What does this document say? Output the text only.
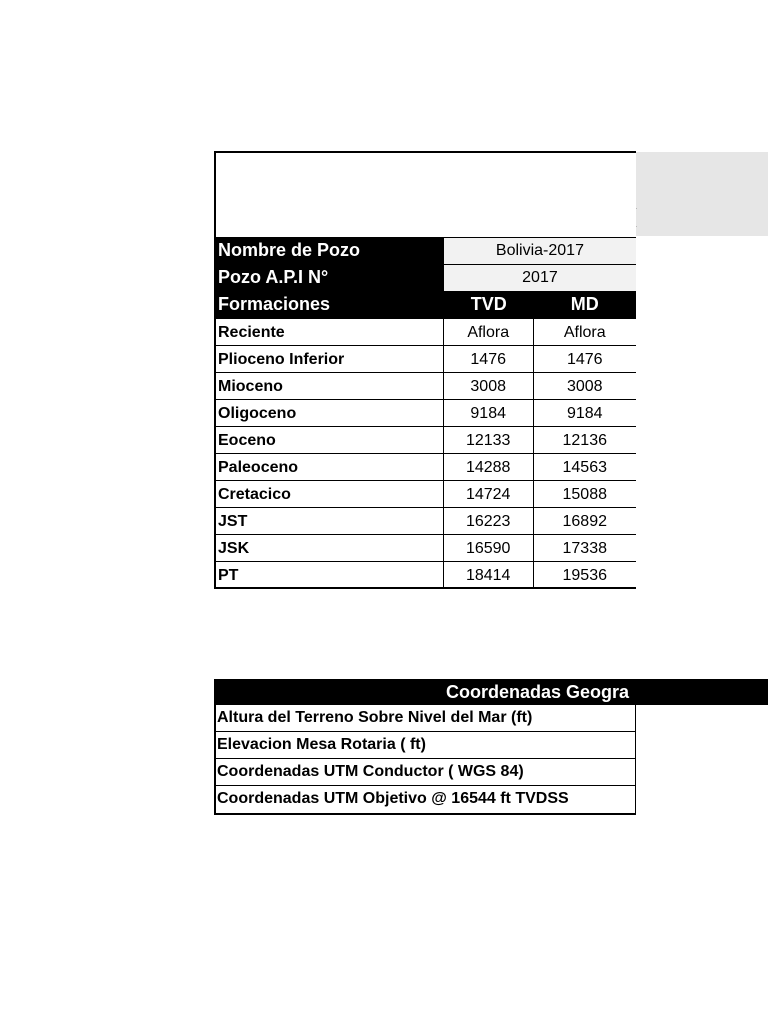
Nombre de Pozo	Bolivia-2017
Pozo A.P.I N°	2017
Formaciones	TVD	MD
Reciente	Aflora	Aflora
Plioceno Inferior	1476	1476
Mioceno	3008	3008
Oligoceno	9184	9184
Eoceno	12133	12136
Paleoceno	14288	14563
Cretacico	14724	15088
JST	16223	16892
JSK	16590	17338
PT	18414	19536
Coordenadas Geogra
Altura del Terreno Sobre Nivel del Mar (ft)
Elevacion Mesa Rotaria ( ft)
Coordenadas UTM Conductor ( WGS 84)
Coordenadas UTM Objetivo @ 16544 ft TVDSS
